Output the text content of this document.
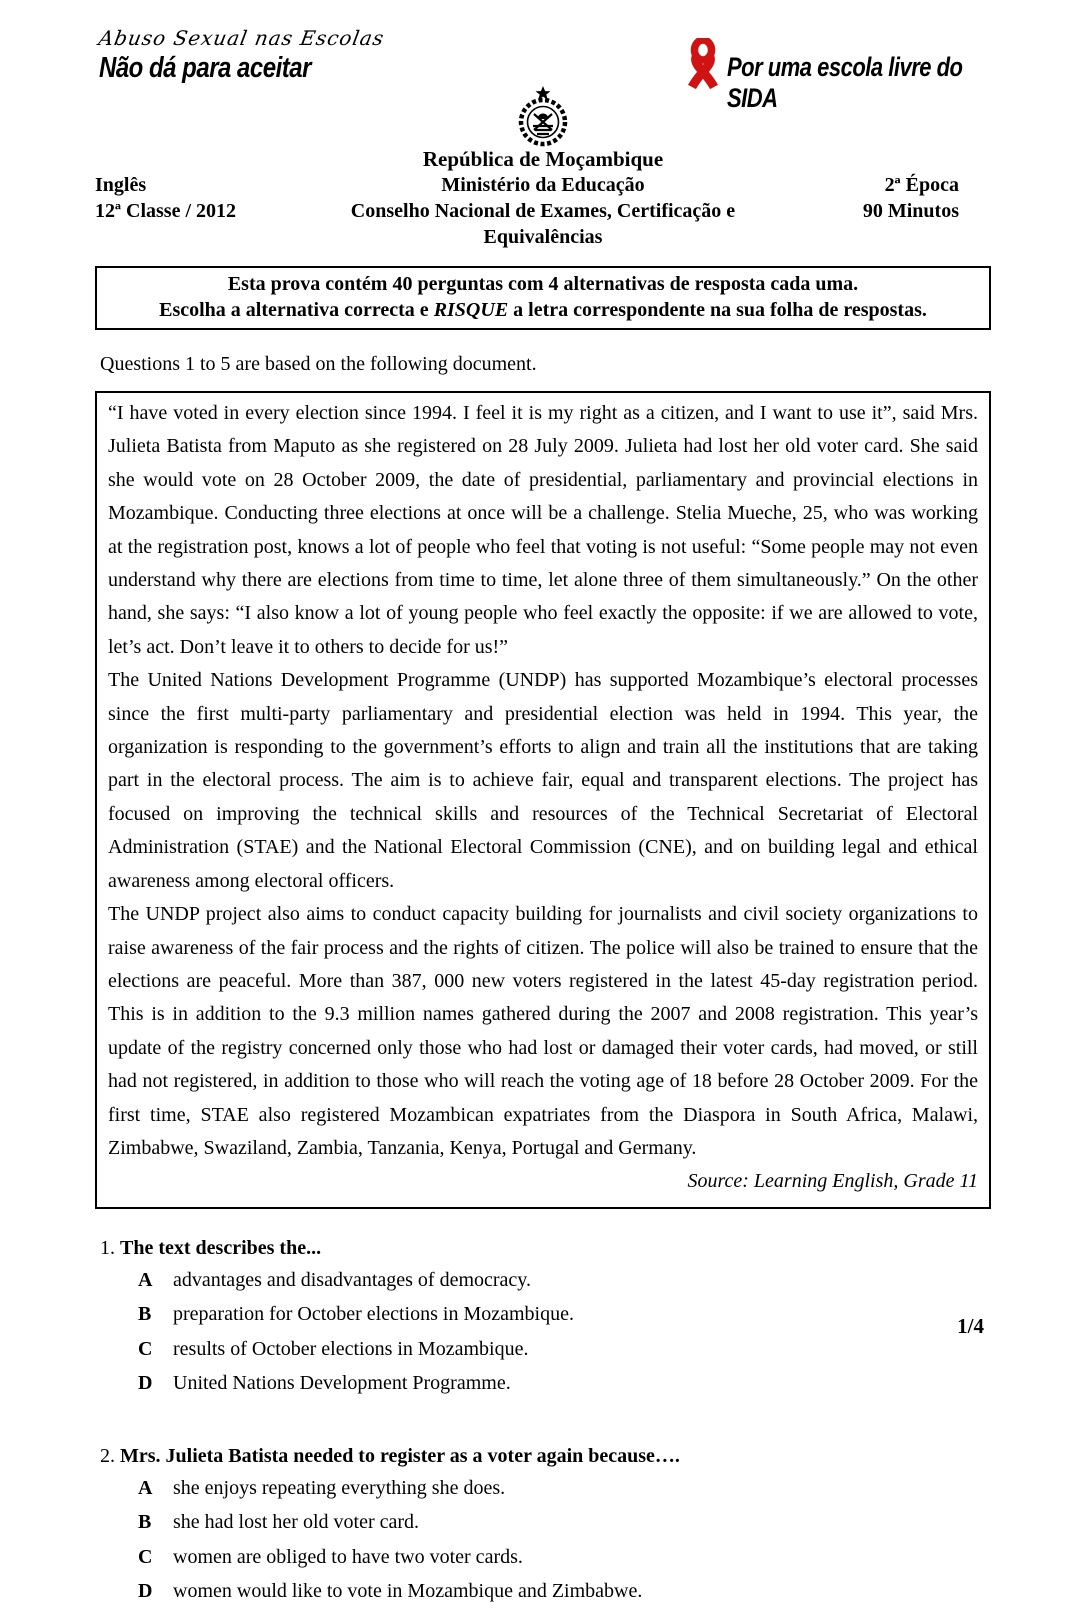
Abuso Sexual nas Escolas
Não dá para aceitar	Por uma escola livre do SIDA
República de Moçambique
Inglês	Ministério da Educação	2ª Época
12ª Classe / 2012	Conselho Nacional de Exames, Certificação e Equivalências
90 Minutos
Esta prova contém 40 perguntas com 4 alternativas de resposta cada uma.
Escolha a alternativa correcta e RISQUE a letra correspondente na sua folha de respostas.
Questions 1 to 5 are based on the following document.

“I have voted in every election since 1994. I feel it is my right as a citizen, and I want to use it”, said Mrs. Julieta Batista from Maputo as she registered on 28 July 2009. Julieta had lost her old voter card. She said she would vote on 28 October 2009, the date of presidential, parliamentary and provincial elections in Mozambique. Conducting three elections at once will be a challenge. Stelia Mueche, 25, who was working at the registration post, knows a lot of people who feel that voting is not useful: “Some people may not even understand why there are elections from time to time, let alone three of them simultaneously.” On the other hand, she says: “I also know a lot of young people who feel exactly the opposite: if we are allowed to vote, let’s act. Don’t leave it to others to decide for us!”

The United Nations Development Programme (UNDP) has supported Mozambique’s electoral processes since the first multi-party parliamentary and presidential election was held in 1994. This year, the organization is responding to the government’s efforts to align and train all the institutions that are taking part in the electoral process. The aim is to achieve fair, equal and transparent elections. The project has focused on improving the technical skills and resources of the Technical Secretariat of Electoral Administration (STAE) and the National Electoral Commission (CNE), and on building legal and ethical awareness among electoral officers.

The UNDP project also aims to conduct capacity building for journalists and civil society organizations to raise awareness of the fair process and the rights of citizen. The police will also be trained to ensure that the elections are peaceful. More than 387, 000 new voters registered in the latest 45-day registration period. This is in addition to the 9.3 million names gathered during the 2007 and 2008 registration. This year’s update of the registry concerned only those who had lost or damaged their voter cards, had moved, or still had not registered, in addition to those who will reach the voting age of 18 before 28 October 2009. For the first time, STAE also registered Mozambican expatriates from the Diaspora in South Africa, Malawi, Zimbabwe, Swaziland, Zambia, Tanzania, Kenya, Portugal and Germany.

Source: Learning English, Grade 11

1. The text describes the...
A	advantages and disadvantages of democracy.
B	preparation for October elections in Mozambique.
C	results of October elections in Mozambique.
D	United Nations Development Programme.
2. Mrs. Julieta Batista needed to register as a voter again because….
A	she enjoys repeating everything she does.
B	she had lost her old voter card.
C	women are obliged to have two voter cards.
D	women would like to vote in Mozambique and Zimbabwe.
1/4
